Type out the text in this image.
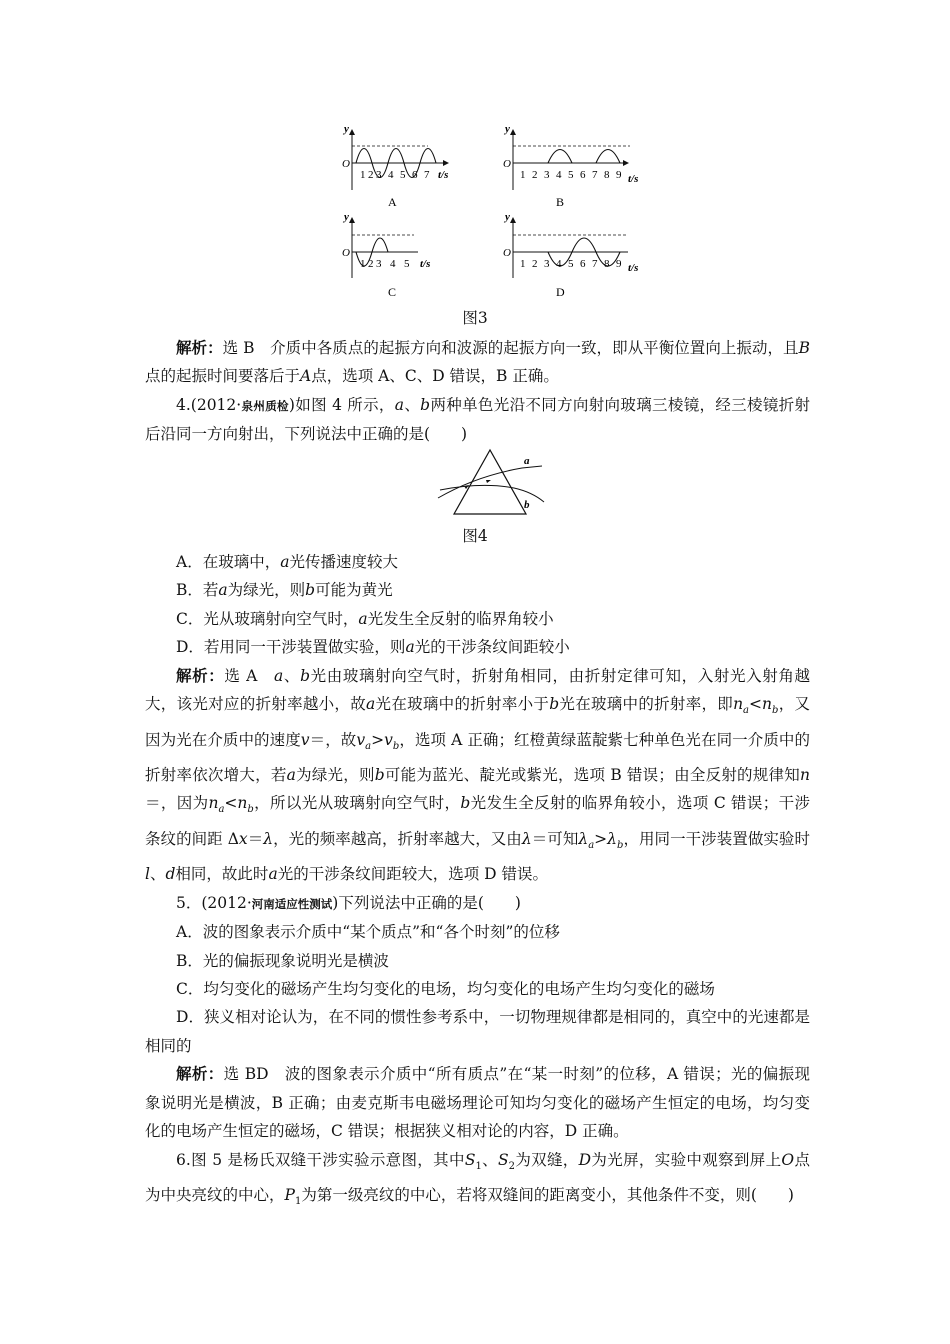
y
O
1 2 3 4 5 6 7 t/s
A
y
O
1 2 3 4 5 6 7 8 9 t/s
B
y
O
1 2 3 4 5 t/s
C
y
O
1 2 3 4 5 6 7 8 9 t/s
D
图3

解析：选 B　 介质中各质点的起振方向和波源的起振方向一致，即从平衡位置向上振动，且B点的起振时间要落后于A点，选项 A、C、D 错误，B 正确。

4.(2012·泉州质检)如图 4 所示，a、b两种单色光沿不同方向射向玻璃三棱镜，经三棱镜折射后沿同一方向射出，下列说法中正确的是(　　)

a
b
图4

A．在玻璃中，a光传播速度较大

B．若a为绿光，则b可能为黄光

C．光从玻璃射向空气时，a光发生全反射的临界角较小

D．若用同一干涉装置做实验，则a光的干涉条纹间距较小

解析：选 A　 a、b光由玻璃射向空气时，折射角相同，由折射定律可知，入射光入射角越大，该光对应的折射率越小，故a光在玻璃中的折射率小于b光在玻璃中的折射率，即$n_a<n_b$，又因为光在介质中的速度v＝，故$v_a>v_b$，选项 A 正确；红橙黄绿蓝靛紫七种单色光在同一介质中的折射率依次增大，若a为绿光，则b可能为蓝光、靛光或紫光，选项 B 错误；由全反射的规律知n＝，因为$n_a<n_b$，所以光从玻璃射向空气时，b光发生全反射的临界角较小，选项 C 错误；干涉条纹的间距 Δx＝λ，光的频率越高，折射率越大，又由λ＝可知$\lambda_a>\lambda_b$，用同一干涉装置做实验时l、d相同，故此时a光的干涉条纹间距较大，选项 D 错误。

5．(2012·河南适应性测试)下列说法中正确的是(　　)

A．波的图象表示介质中“某个质点”和“各个时刻”的位移

B．光的偏振现象说明光是横波

C．均匀变化的磁场产生均匀变化的电场，均匀变化的电场产生均匀变化的磁场

D．狭义相对论认为，在不同的惯性参考系中，一切物理规律都是相同的，真空中的光速都是相同的

解析：选 BD　 波的图象表示介质中“所有质点”在“某一时刻”的位移，A 错误；光的偏振现象说明光是横波，B 正确；由麦克斯韦电磁场理论可知均匀变化的磁场产生恒定的电场，均匀变化的电场产生恒定的磁场，C 错误；根据狭义相对论的内容，D 正确。

6.图 5 是杨氏双缝干涉实验示意图，其中$S_1$、$S_2$为双缝，D为光屏，实验中观察到屏上O点为中央亮纹的中心，$P_1$为第一级亮纹的中心，若将双缝间的距离变小，其他条件不变，则(　　)
